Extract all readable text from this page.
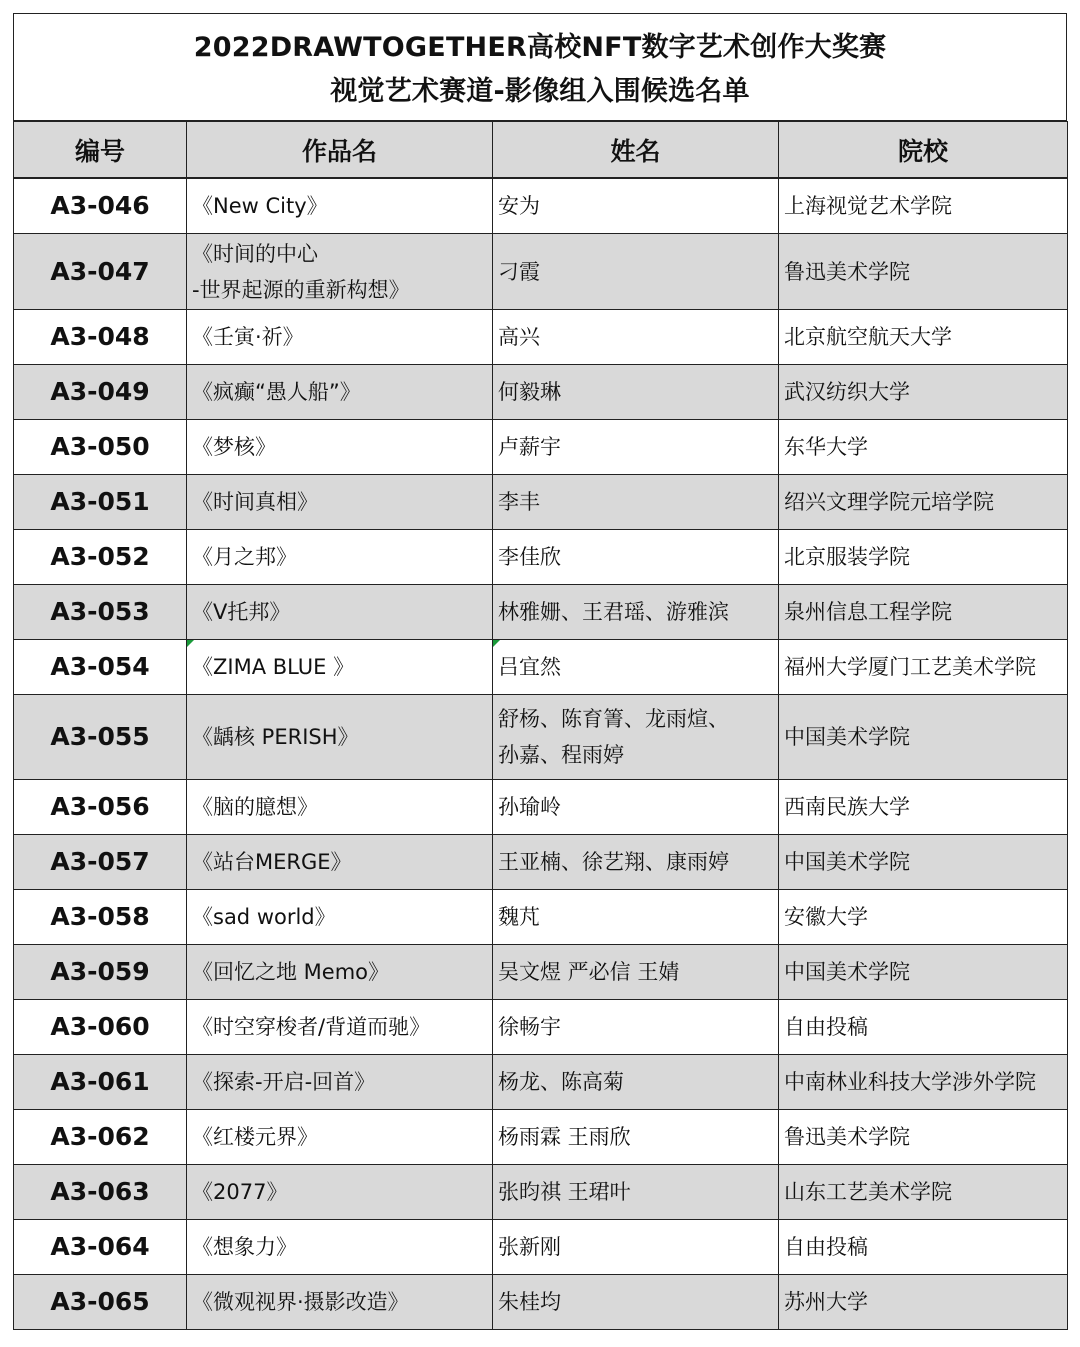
2022DRAWTOGETHER高校NFT数字艺术创作大奖赛
视觉艺术赛道-影像组入围候选名单
编号	作品名	姓名	院校
A3-046	《New City》	安为	上海视觉艺术学院
A3-047	《时间的中心
-世界起源的重新构想》	刁霞	鲁迅美术学院
A3-048	《壬寅·祈》	高兴	北京航空航天大学
A3-049	《疯癫“愚人船”》	何毅琳	武汉纺织大学
A3-050	《梦核》	卢薪宇	东华大学
A3-051	《时间真相》	李丰	绍兴文理学院元培学院
A3-052	《月之邦》	李佳欣	北京服装学院
A3-053	《V托邦》	林雅姗、王君瑶、游雅滨	泉州信息工程学院
A3-054	《ZIMA BLUE 》	吕宜然	福州大学厦门工艺美术学院
A3-055	《龋核 PERISH》	舒杨、陈育箐、龙雨煊、
孙嘉、程雨婷	中国美术学院
A3-056	《脑的臆想》	孙瑜岭	西南民族大学
A3-057	《站台MERGE》	王亚楠、徐艺翔、康雨婷	中国美术学院
A3-058	《sad world》	魏芃	安徽大学
A3-059	《回忆之地 Memo》	吴文煜 严必信 王婧	中国美术学院
A3-060	《时空穿梭者/背道而驰》	徐畅宇	自由投稿
A3-061	《探索-开启-回首》	杨龙、陈高菊	中南林业科技大学涉外学院
A3-062	《红楼元界》	杨雨霖 王雨欣	鲁迅美术学院
A3-063	《2077》	张昀祺 王珺叶	山东工艺美术学院
A3-064	《想象力》	张新刚	自由投稿
A3-065	《微观视界·摄影改造》	朱桂均	苏州大学
